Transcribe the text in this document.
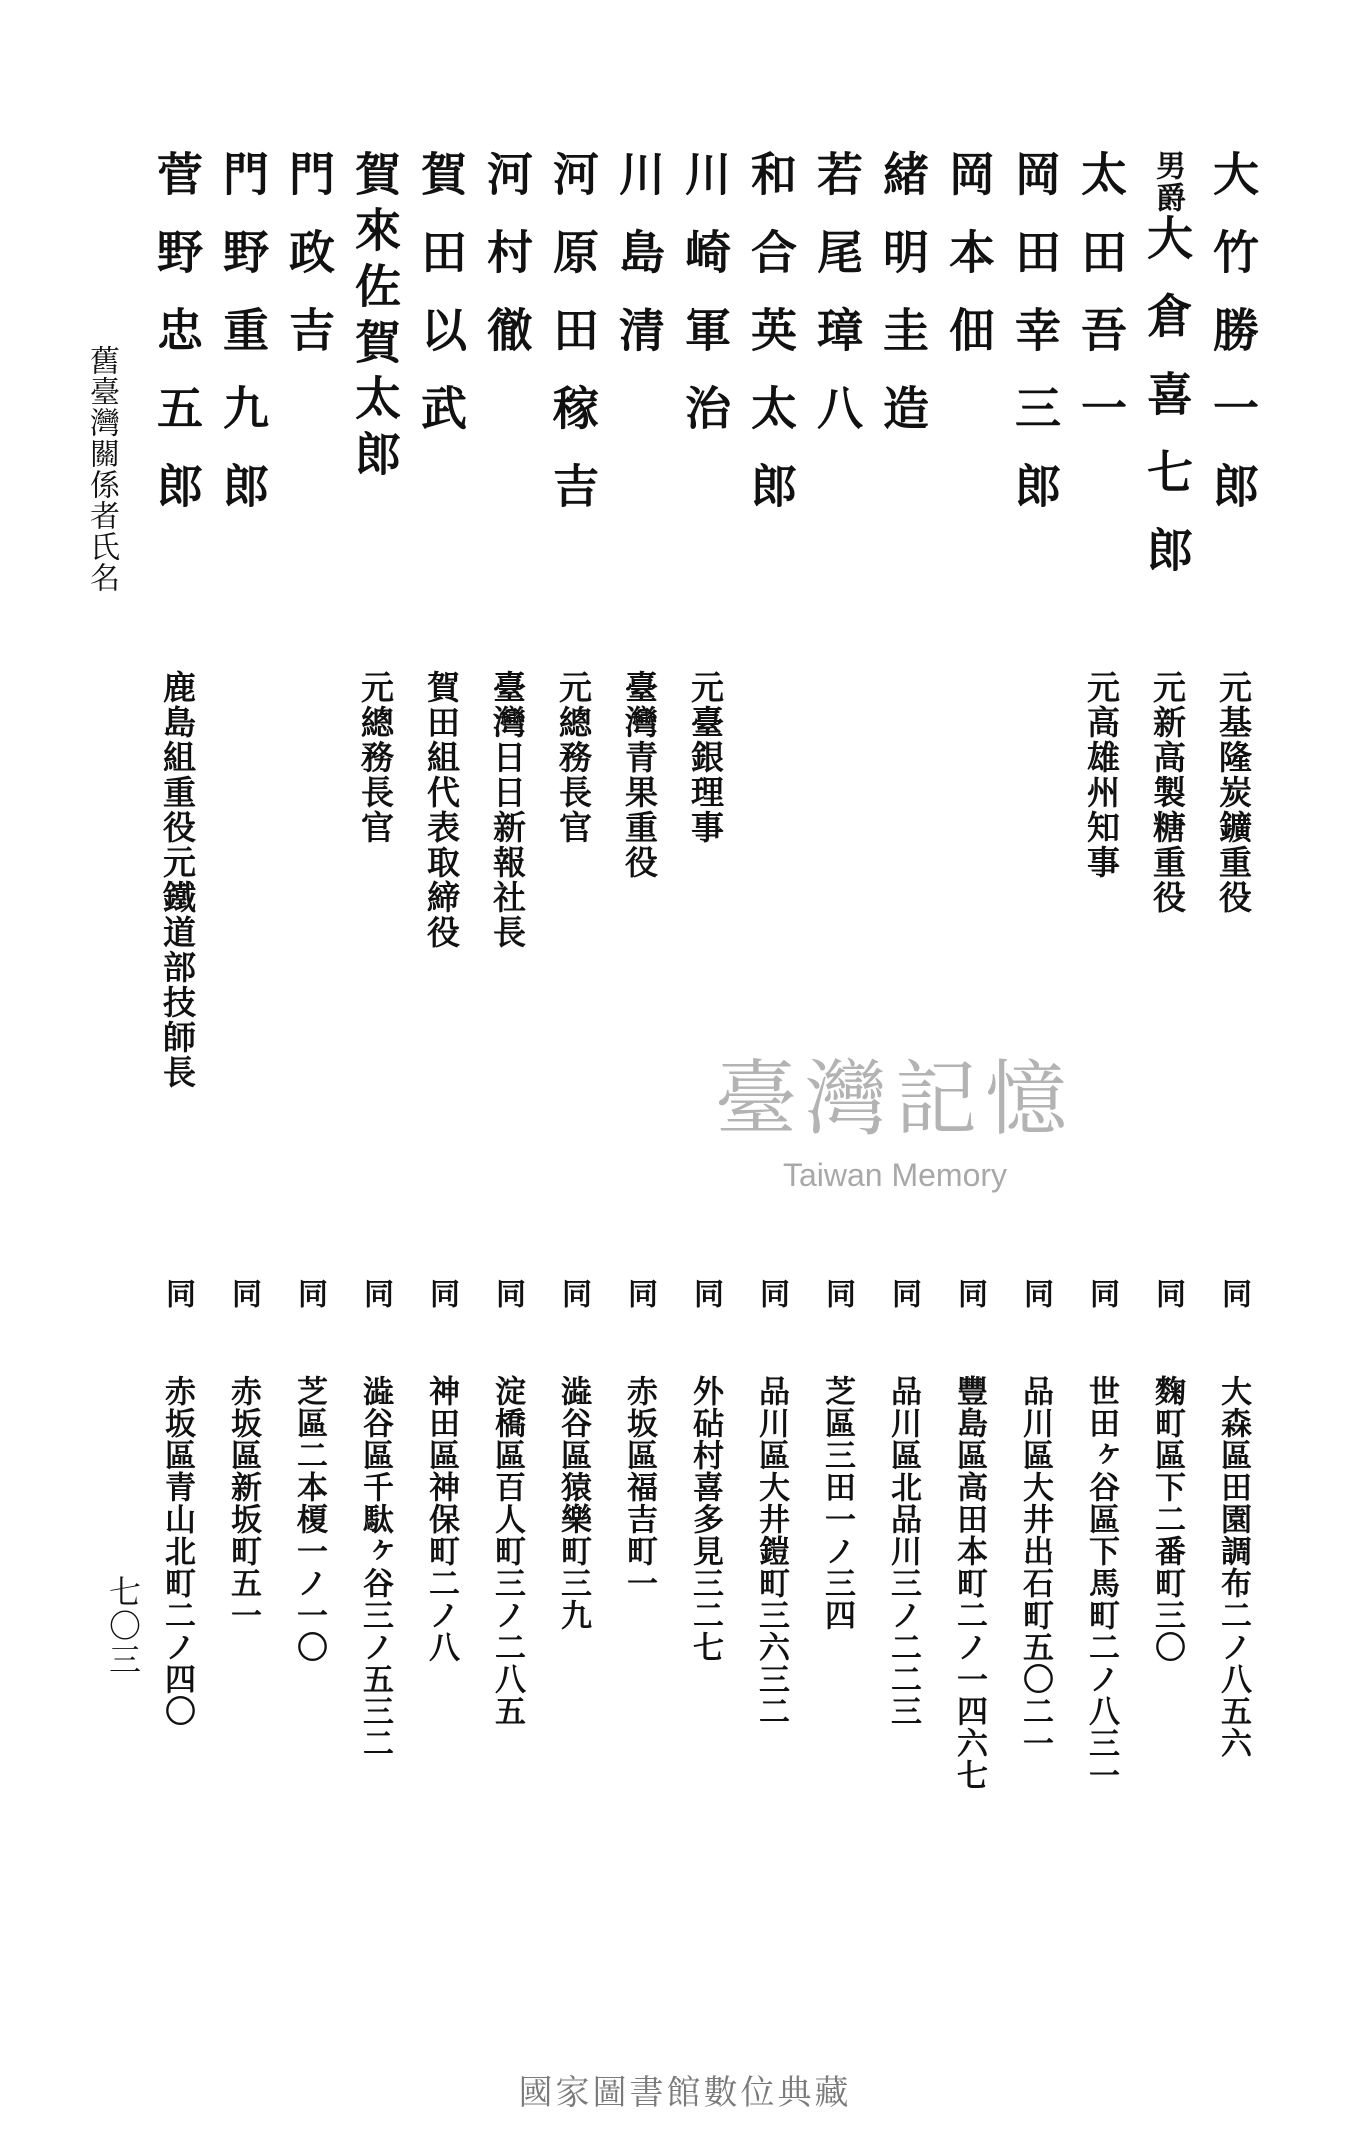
大竹勝一郎
元基隆炭鑛重役
同
大森區田園調布二ノ八五六
男爵大倉喜七郎
元新高製糖重役
同
麴町區下二番町三〇
太田吾一
元高雄州知事
同
世田ヶ谷區下馬町二ノ八三一
岡田幸三郎
同
品川區大井出石町五〇二一
岡本佃
同
豐島區高田本町二ノ一四六七
緒明圭造
同
品川區北品川三ノ二二三
若尾璋八
同
芝區三田一ノ三四
和合英太郎
同
品川區大井鎧町三六三二
川崎軍治
元臺銀理事
同
外砧村喜多見三二七
川島清
臺灣青果重役
同
赤坂區福吉町一
河原田稼吉
元總務長官
同
澁谷區猿樂町三九
河村徹
臺灣日日新報社長
同
淀橋區百人町三ノ二八五
賀田以武
賀田組代表取締役
同
神田區神保町二ノ八
賀來佐賀太郎
元總務長官
同
澁谷區千駄ヶ谷三ノ五三二
門政吉
同
芝區二本榎一ノ一〇
門野重九郎
同
赤坂區新坂町五一
菅野忠五郎
鹿島組重役元鐵道部技師長
同
赤坂區青山北町二ノ四〇
舊臺灣關係者氏名
七〇三
臺灣記憶
Taiwan Memory
國家圖書館數位典藏
